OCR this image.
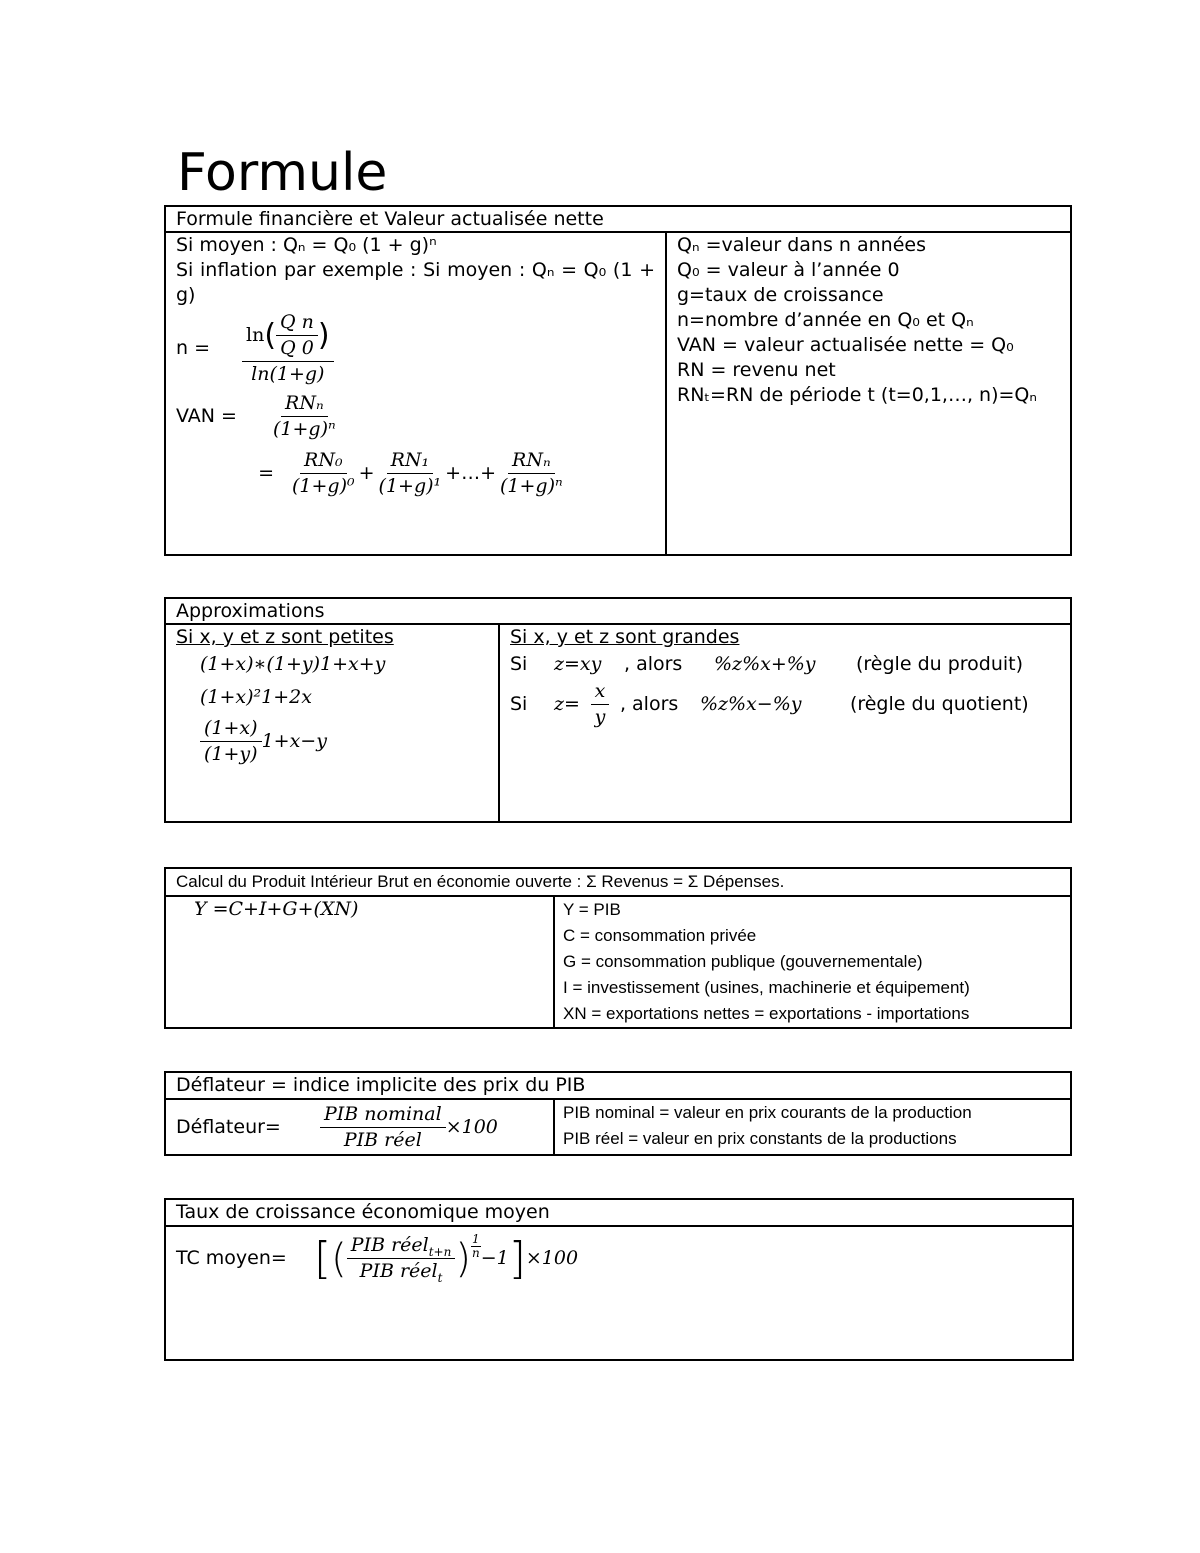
Formule
Formule financière et Valeur actualisée nette

Si moyen : Qₙ = Q₀ (1 + g)ⁿ
Si inflation par exemple : Si moyen : Qₙ = Q₀ (1 + g)
n =
ln ( $\frac{\text{Q n}}{Q 0}$ )
ln(1+g)
VAN =	$\frac{\text{RNₙ}}{\text{(1+g)ⁿ}}$
= $\frac{\text{RN₀}}{\text{(1+g)⁰}} + \frac{\text{RN₁}}{\text{(1+g)¹}}$ +…+ $\frac{\text{RNₙ}}{\text{(1+g)ⁿ}}$

Qₙ =valeur dans n années
Q₀ = valeur à l’année 0
g=taux de croissance
n=nombre d’année en Q₀ et Qₙ
VAN = valeur actualisée nette = Q₀
RN = revenu net
RNₜ=RN de période t (t=0,1,…, n)=Qₙ
Approximations

Si x, y et z sont petites
(1+x)∗(1+y)1+x+y
(1+x)²1+2x
$\frac{(1+x)}{(1+y)} 1+x-y$

Si x, y et z sont grandes
Si	z=xy	, alors	%z%x+%y	(règle du produit)
Si	$z= \frac{x}{y}$ , alors	%z%x−%y	(règle du quotient)
Calcul du Produit Intérieur Brut en économie ouverte : Σ Revenus = Σ Dépenses.

Y =C+I+G+(XN)	Y = PIB
C = consommation privée
G = consommation publique (gouvernementale)
I = investissement (usines, machinerie et équipement)
XN = exportations nettes = exportations - importations
Déflateur = indice implicite des prix du PIB

Déflateur=	$\frac{\text{PIB nominal}}{\text{PIB réel}} \times 100$

PIB nominal = valeur en prix courants de la production
PIB réel = valeur en prix constants de la productions
Taux de croissance économique moyen

TC moyen= [ ( $\frac{PIB réel_{t+n}}{PIB réel_t}$ ) $\frac{1}{n} -1$ ] ×100
